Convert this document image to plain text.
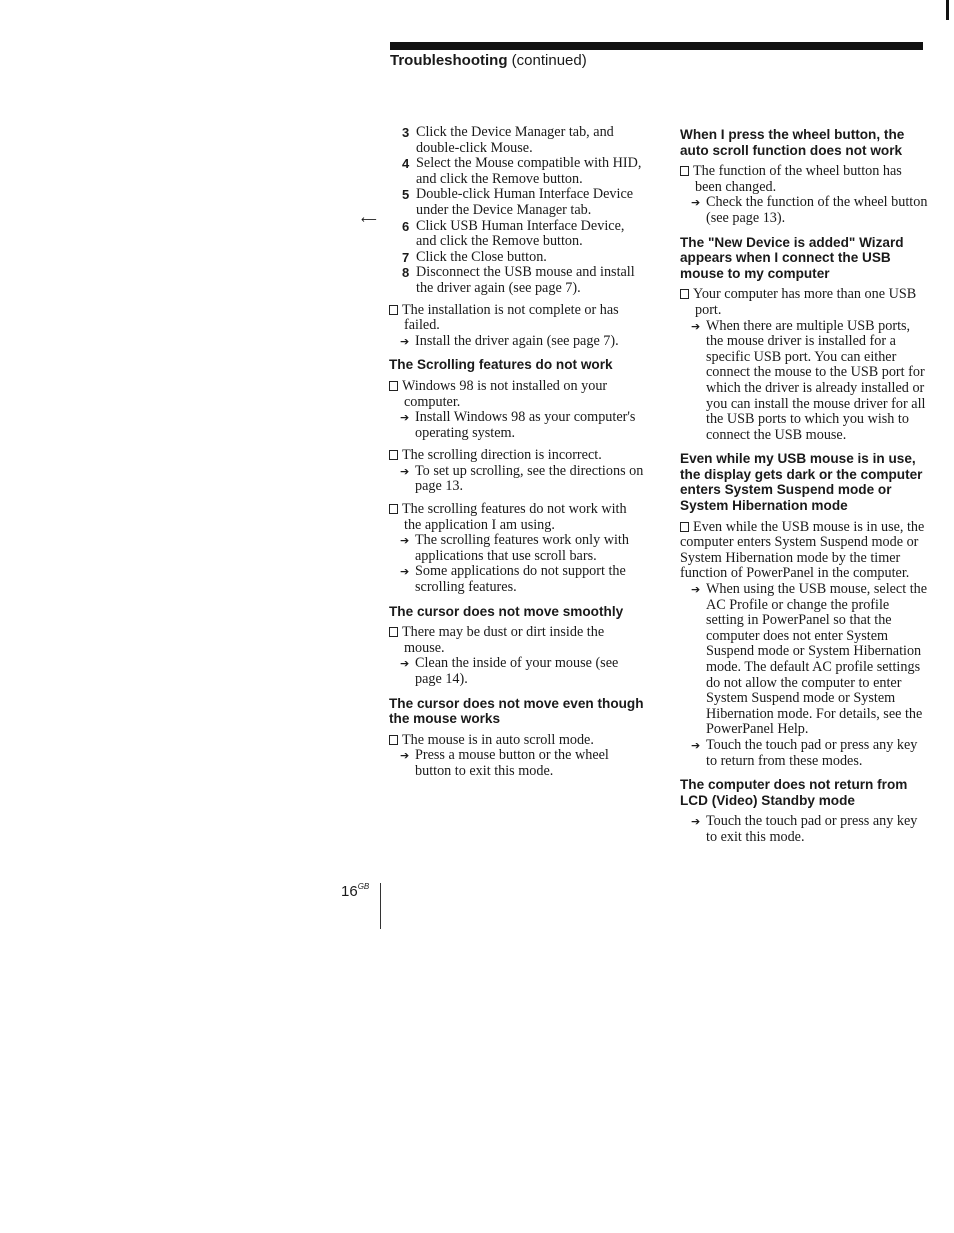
Troubleshooting (continued)
⟵
3 Click the Device Manager tab, and double-click Mouse.
4 Select the Mouse compatible with HID, and click the Remove button.
5 Double-click Human Interface Device under the Device Manager tab.
6 Click USB Human Interface Device, and click the Remove button.
7 Click the Close button.
8 Disconnect the USB mouse and install the driver again (see page 7).
The installation is not complete or has failed.
➔ Install the driver again (see page 7).
The Scrolling features do not work
Windows 98 is not installed on your computer.
➔ Install Windows 98 as your computer's operating system.
The scrolling direction is incorrect.
➔ To set up scrolling, see the directions on page 13.
The scrolling features do not work with the application I am using.
➔ The scrolling features work only with applications that use scroll bars.
➔ Some applications do not support the scrolling features.
The cursor does not move smoothly
There may be dust or dirt inside the mouse.
➔ Clean the inside of your mouse (see page 14).
The cursor does not move even though the mouse works
The mouse is in auto scroll mode.
➔ Press a mouse button or the wheel button to exit this mode.
When I press the wheel button, the auto scroll function does not work
The function of the wheel button has been changed.
➔ Check the function of the wheel button (see page 13).
The "New Device is added" Wizard appears when I connect the USB mouse to my computer
Your computer has more than one USB port.
➔ When there are multiple USB ports, the mouse driver is installed for a specific USB port. You can either connect the mouse to the USB port for which the driver is already installed or you can install the mouse driver for all the USB ports to which you wish to connect the USB mouse.
Even while my USB mouse is in use, the display gets dark or the computer enters System Suspend mode or System Hibernation mode
Even while the USB mouse is in use, the computer enters System Suspend mode or System Hibernation mode by the timer function of PowerPanel in the computer.
➔ When using the USB mouse, select the AC Profile or change the profile setting in PowerPanel so that the computer does not enter System Suspend mode or System Hibernation mode. The default AC profile settings do not allow the computer to enter System Suspend mode or System Hibernation mode. For details, see the PowerPanel Help.
➔ Touch the touch pad or press any key to return from these modes.
The computer does not return from LCD (Video) Standby mode
➔ Touch the touch pad or press any key to exit this mode.
$16^{GB}$
